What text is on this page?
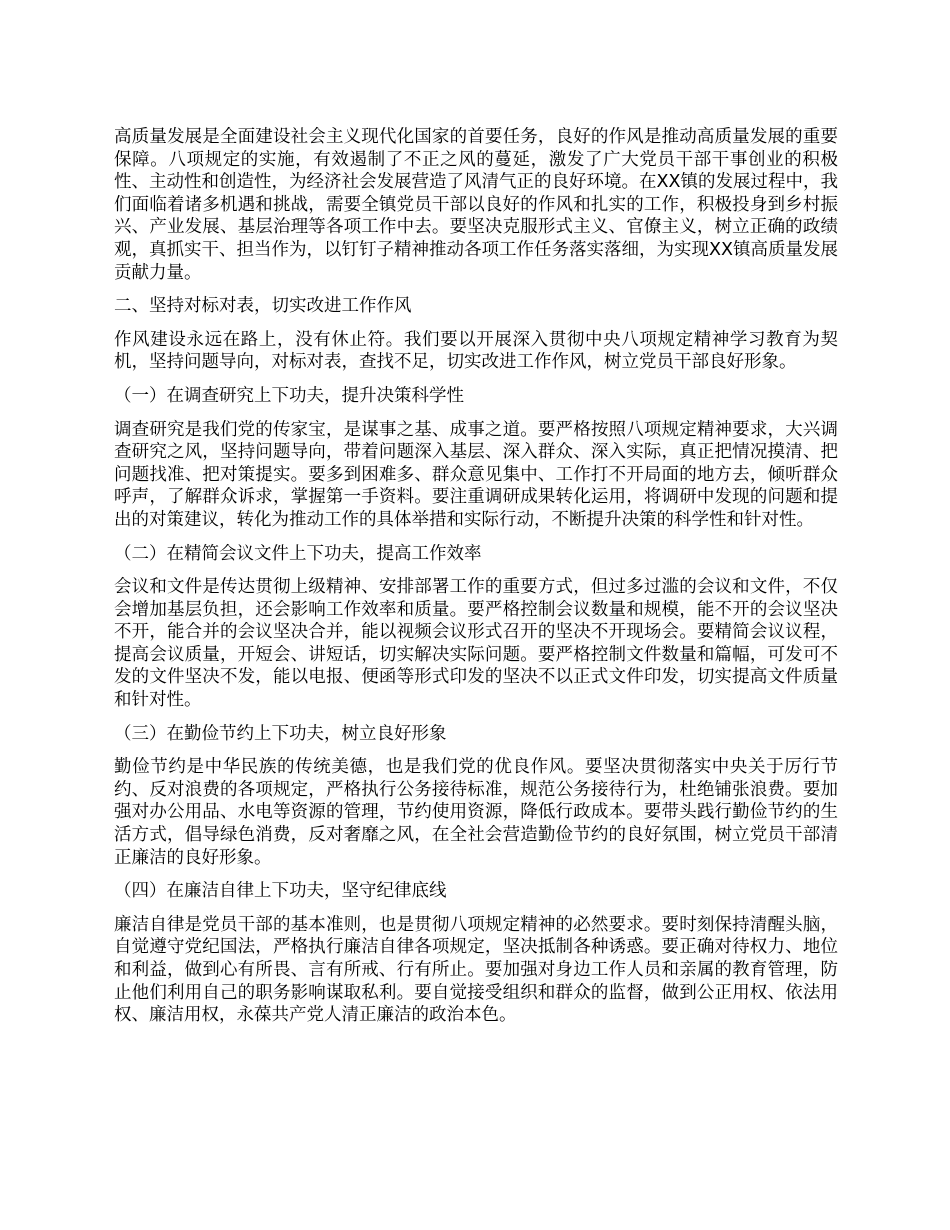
高质量发展是全面建设社会主义现代化国家的首要任务，良好的作风是推动高质量发展的重要保障。八项规定的实施，有效遏制了不正之风的蔓延，激发了广大党员干部干事创业的积极性、主动性和创造性，为经济社会发展营造了风清气正的良好环境。在XX镇的发展过程中，我们面临着诸多机遇和挑战，需要全镇党员干部以良好的作风和扎实的工作，积极投身到乡村振兴、产业发展、基层治理等各项工作中去。要坚决克服形式主义、官僚主义，树立正确的政绩观，真抓实干、担当作为，以钉钉子精神推动各项工作任务落实落细，为实现XX镇高质量发展贡献力量。

二、坚持对标对表，切实改进工作作风

作风建设永远在路上，没有休止符。我们要以开展深入贯彻中央八项规定精神学习教育为契机，坚持问题导向，对标对表，查找不足，切实改进工作作风，树立党员干部良好形象。

（一）在调查研究上下功夫，提升决策科学性

调查研究是我们党的传家宝，是谋事之基、成事之道。要严格按照八项规定精神要求，大兴调查研究之风，坚持问题导向，带着问题深入基层、深入群众、深入实际，真正把情况摸清、把问题找准、把对策提实。要多到困难多、群众意见集中、工作打不开局面的地方去，倾听群众呼声，了解群众诉求，掌握第一手资料。要注重调研成果转化运用，将调研中发现的问题和提出的对策建议，转化为推动工作的具体举措和实际行动，不断提升决策的科学性和针对性。

（二）在精简会议文件上下功夫，提高工作效率

会议和文件是传达贯彻上级精神、安排部署工作的重要方式，但过多过滥的会议和文件，不仅会增加基层负担，还会影响工作效率和质量。要严格控制会议数量和规模，能不开的会议坚决不开，能合并的会议坚决合并，能以视频会议形式召开的坚决不开现场会。要精简会议议程，提高会议质量，开短会、讲短话，切实解决实际问题。要严格控制文件数量和篇幅，可发可不发的文件坚决不发，能以电报、便函等形式印发的坚决不以正式文件印发，切实提高文件质量和针对性。

（三）在勤俭节约上下功夫，树立良好形象

勤俭节约是中华民族的传统美德，也是我们党的优良作风。要坚决贯彻落实中央关于厉行节约、反对浪费的各项规定，严格执行公务接待标准，规范公务接待行为，杜绝铺张浪费。要加强对办公用品、水电等资源的管理，节约使用资源，降低行政成本。要带头践行勤俭节约的生活方式，倡导绿色消费，反对奢靡之风，在全社会营造勤俭节约的良好氛围，树立党员干部清正廉洁的良好形象。

（四）在廉洁自律上下功夫，坚守纪律底线

廉洁自律是党员干部的基本准则，也是贯彻八项规定精神的必然要求。要时刻保持清醒头脑，自觉遵守党纪国法，严格执行廉洁自律各项规定，坚决抵制各种诱惑。要正确对待权力、地位和利益，做到心有所畏、言有所戒、行有所止。要加强对身边工作人员和亲属的教育管理，防止他们利用自己的职务影响谋取私利。要自觉接受组织和群众的监督，做到公正用权、依法用权、廉洁用权，永葆共产党人清正廉洁的政治本色。
